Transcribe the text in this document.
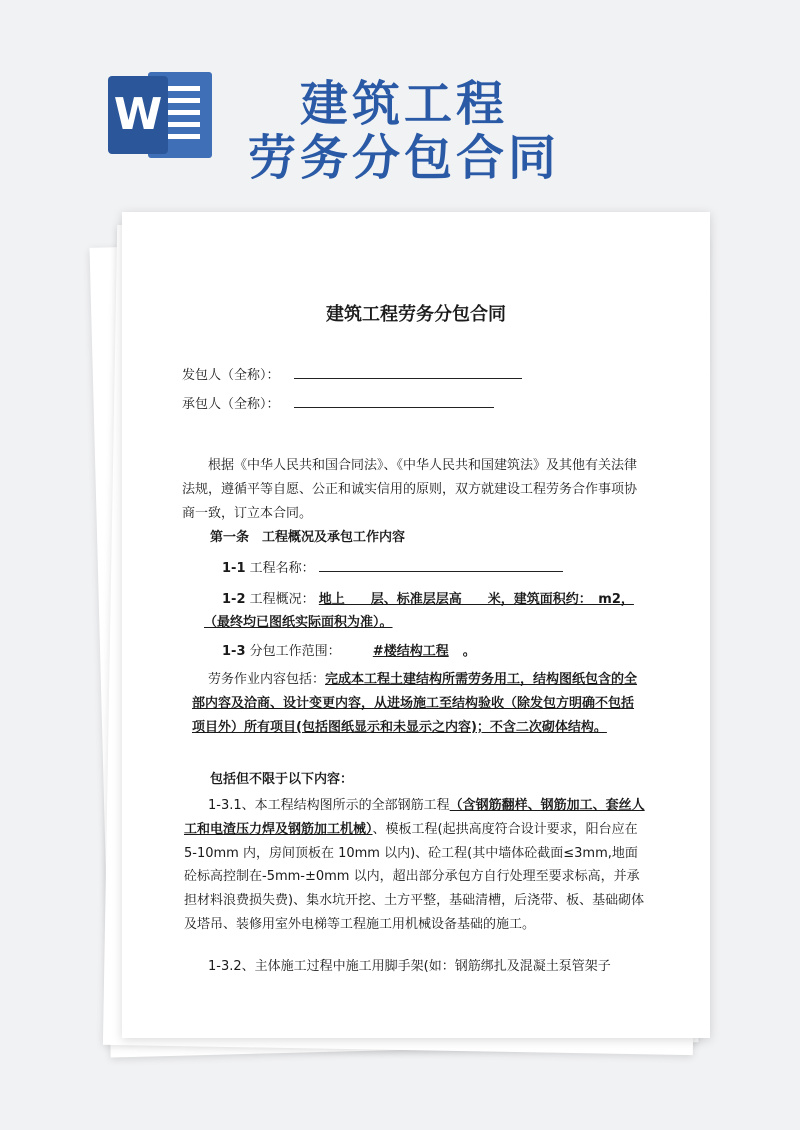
W	建筑工程
劳务分包合同
建筑工程劳务分包合同
发包人（全称）：
承包人（全称）：
根据《中华人民共和国合同法》、《中华人民共和国建筑法》及其他有关法律法规，遵循平等自愿、公正和诚实信用的原则，双方就建设工程劳务合作事项协商一致，订立本合同。
第一条　工程概况及承包工作内容
1-1 工程名称：
1-2 工程概况： 地上　　层、标准层层高　　米，建筑面积约：　m2，
（最终均已图纸实际面积为准）。
1-3 分包工作范围： #楼结构工程 。
劳务作业内容包括：完成本工程土建结构所需劳务用工，结构图纸包含的全部内容及洽商、设计变更内容，从进场施工至结构验收（除发包方明确不包括项目外）所有项目(包括图纸显示和未显示之内容)；不含二次砌体结构。
包括但不限于以下内容：
1-3.1、本工程结构图所示的全部钢筋工程（含钢筋翻样、钢筋加工、套丝人工和电渣压力焊及钢筋加工机械）、模板工程(起拱高度符合设计要求，阳台应在 5-10mm 内，房间顶板在 10mm 以内)、砼工程(其中墙体砼截面≤3mm,地面砼标高控制在-5mm-±0mm 以内，超出部分承包方自行处理至要求标高，并承担材料浪费损失费)、集水坑开挖、土方平整，基础清槽，后浇带、板、基础砌体及塔吊、装修用室外电梯等工程施工用机械设备基础的施工。
1-3.2、主体施工过程中施工用脚手架(如：钢筋绑扎及混凝土泵管架子
